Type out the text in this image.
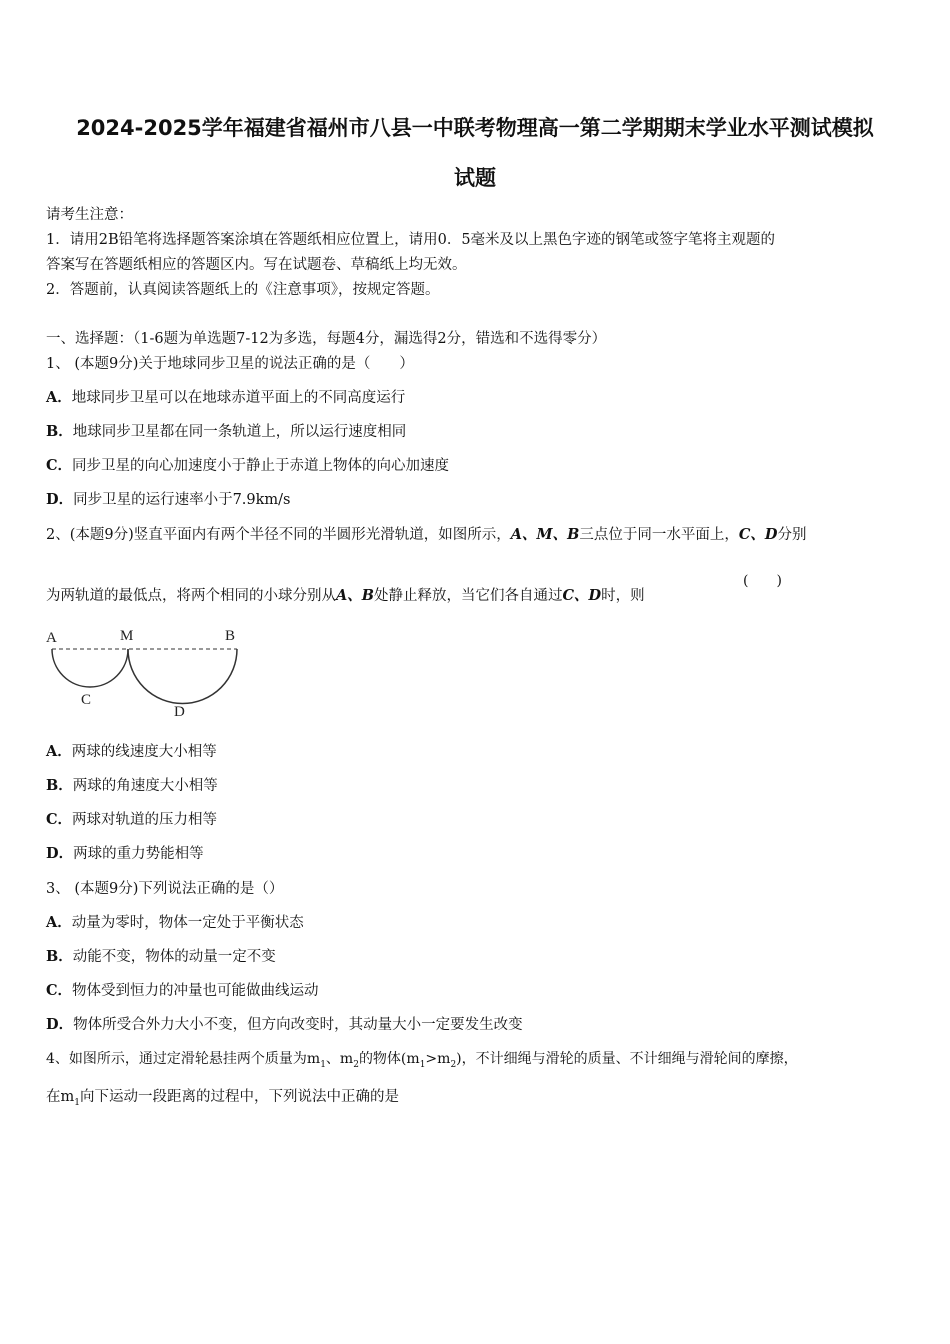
2024-2025学年福建省福州市八县一中联考物理高一第二学期期末学业水平测试模拟
试题
请考生注意：
1．请用2B铅笔将选择题答案涂填在答题纸相应位置上，请用0．5毫米及以上黑色字迹的钢笔或签字笔将主观题的
答案写在答题纸相应的答题区内。写在试题卷、草稿纸上均无效。
2．答题前，认真阅读答题纸上的《注意事项》，按规定答题。
一、选择题：（1-6题为单选题7-12为多选，每题4分，漏选得2分，错选和不选得零分）
1、 (本题9分)关于地球同步卫星的说法正确的是（　　）
A．地球同步卫星可以在地球赤道平面上的不同高度运行
B．地球同步卫星都在同一条轨道上，所以运行速度相同
C．同步卫星的向心加速度小于静止于赤道上物体的向心加速度
D．同步卫星的运行速率小于7.9km/s
2、(本题9分)竖直平面内有两个半径不同的半圆形光滑轨道，如图所示，A、M、B三点位于同一水平面上，C、D分别
为两轨道的最低点，将两个相同的小球分别从A、B处静止释放，当它们各自通过C、D时，则
(　　)
A	M	B
C
D
A．两球的线速度大小相等
B．两球的角速度大小相等
C．两球对轨道的压力相等
D．两球的重力势能相等
3、 (本题9分)下列说法正确的是（）
A．动量为零时，物体一定处于平衡状态
B．动能不变，物体的动量一定不变
C．物体受到恒力的冲量也可能做曲线运动
D．物体所受合外力大小不变，但方向改变时，其动量大小一定要发生改变
4、如图所示，通过定滑轮悬挂两个质量为$m_1$、$m_2$的物体$(m_1>m_2)$，不计细绳与滑轮的质量、不计细绳与滑轮间的摩擦，
在$m_1$向下运动一段距离的过程中，下列说法中正确的是
